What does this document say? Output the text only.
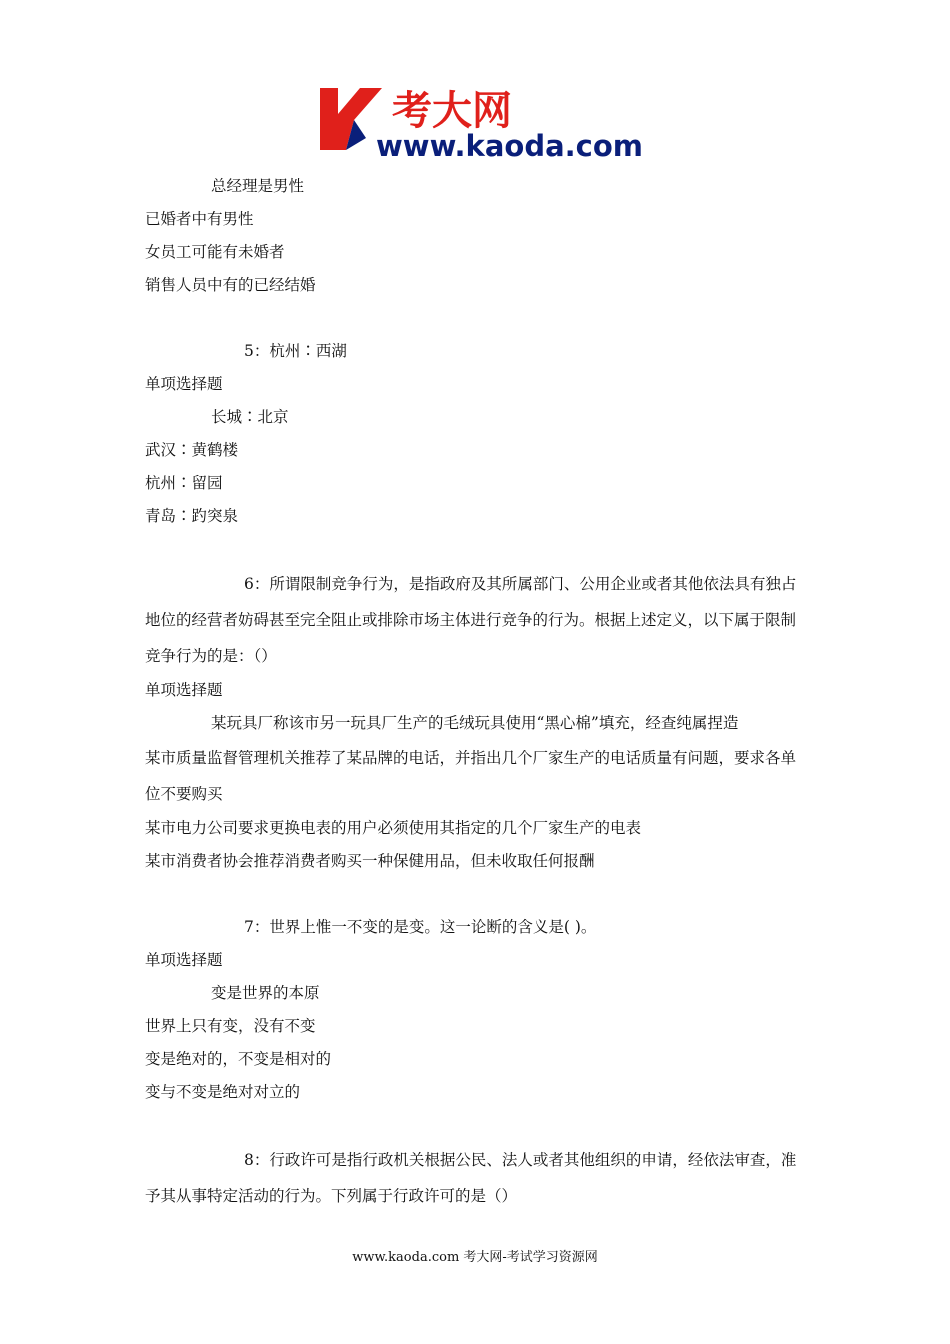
考大网
www.kaoda.com
总经理是男性
已婚者中有男性
女员工可能有未婚者
销售人员中有的已经结婚
5：杭州∶西湖
单项选择题
长城∶北京
武汉∶黄鹤楼
杭州∶留园
青岛∶趵突泉

6：所谓限制竞争行为，是指政府及其所属部门、公用企业或者其他依法具有独占地位的经营者妨碍甚至完全阻止或排除市场主体进行竞争的行为。根据上述定义，以下属于限制竞争行为的是：（）

单项选择题
某玩具厂称该市另一玩具厂生产的毛绒玩具使用“黑心棉”填充，经查纯属捏造
某市质量监督管理机关推荐了某品牌的电话，并指出几个厂家生产的电话质量有问题，要求各单位不要购买
某市电力公司要求更换电表的用户必须使用其指定的几个厂家生产的电表
某市消费者协会推荐消费者购买一种保健用品，但未收取任何报酬
7：世界上惟一不变的是变。这一论断的含义是( )。
单项选择题
变是世界的本原
世界上只有变，没有不变
变是绝对的，不变是相对的
变与不变是绝对对立的

8：行政许可是指行政机关根据公民、法人或者其他组织的申请，经依法审查，准予其从事特定活动的行为。下列属于行政许可的是（）

www.kaoda.com 考大网-考试学习资源网
